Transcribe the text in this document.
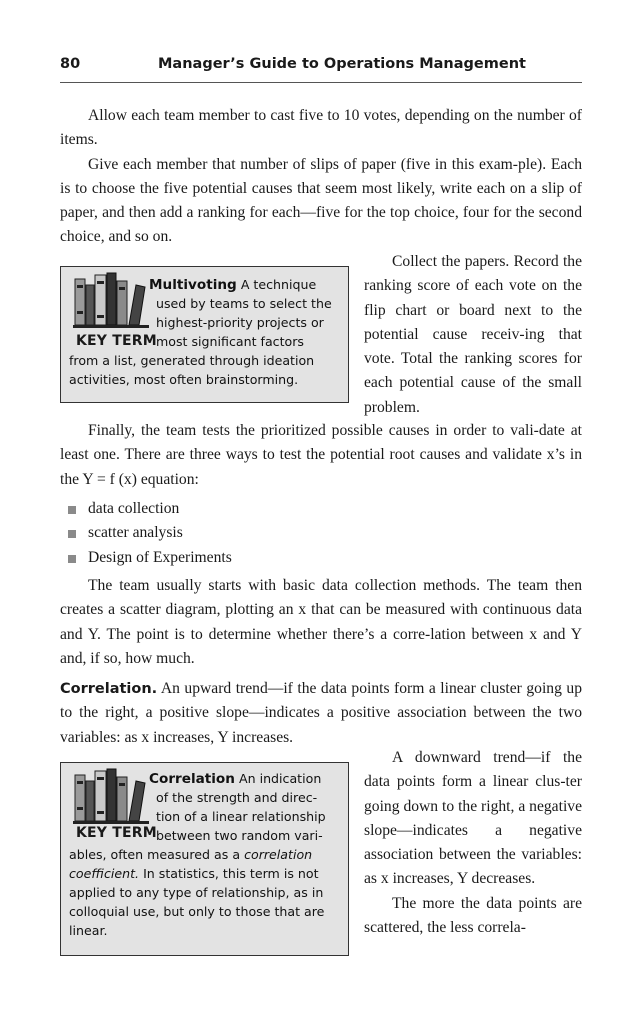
80	Manager’s Guide to Operations Management

Allow each team member to cast five to 10 votes, depending on the number of items.

Give each member that number of slips of paper (five in this exam-ple). Each is to choose the five potential causes that seem most likely, write each on a slip of paper, and then add a ranking for each—five for the top choice, four for the second choice, and so on.

KEY TERM
Multivoting A technique
used by teams to select the
highest-priority projects or
most significant factors
from a list, generated through ideation
activities, most often brainstorming.
Collect the papers. Record the ranking score of each vote on the flip chart or board next to the potential cause receiv-ing that vote. Total the ranking scores for each potential cause of the small problem.

Finally, the team tests the prioritized possible causes in order to vali-date at least one. There are three ways to test the potential root causes and validate x’s in the Y = f (x) equation:

data collection
scatter analysis
Design of Experiments

The team usually starts with basic data collection methods. The team then creates a scatter diagram, plotting an x that can be measured with continuous data and Y. The point is to determine whether there’s a corre-lation between x and Y and, if so, how much.

Correlation. An upward trend—if the data points form a linear cluster going up to the right, a positive slope—indicates a positive association between the two variables: as x increases, Y increases.

KEY TERM
Correlation An indication
of the strength and direc-
tion of a linear relationship
between two random vari-
ables, often measured as a correlation
coefficient. In statistics, this term is not
applied to any type of relationship, as in
colloquial use, but only to those that are
linear.
A downward trend—if the data points form a linear clus-ter going down to the right, a negative slope—indicates a negative association between the variables: as x increases, Y decreases.
The more the data points are scattered, the less correla-
